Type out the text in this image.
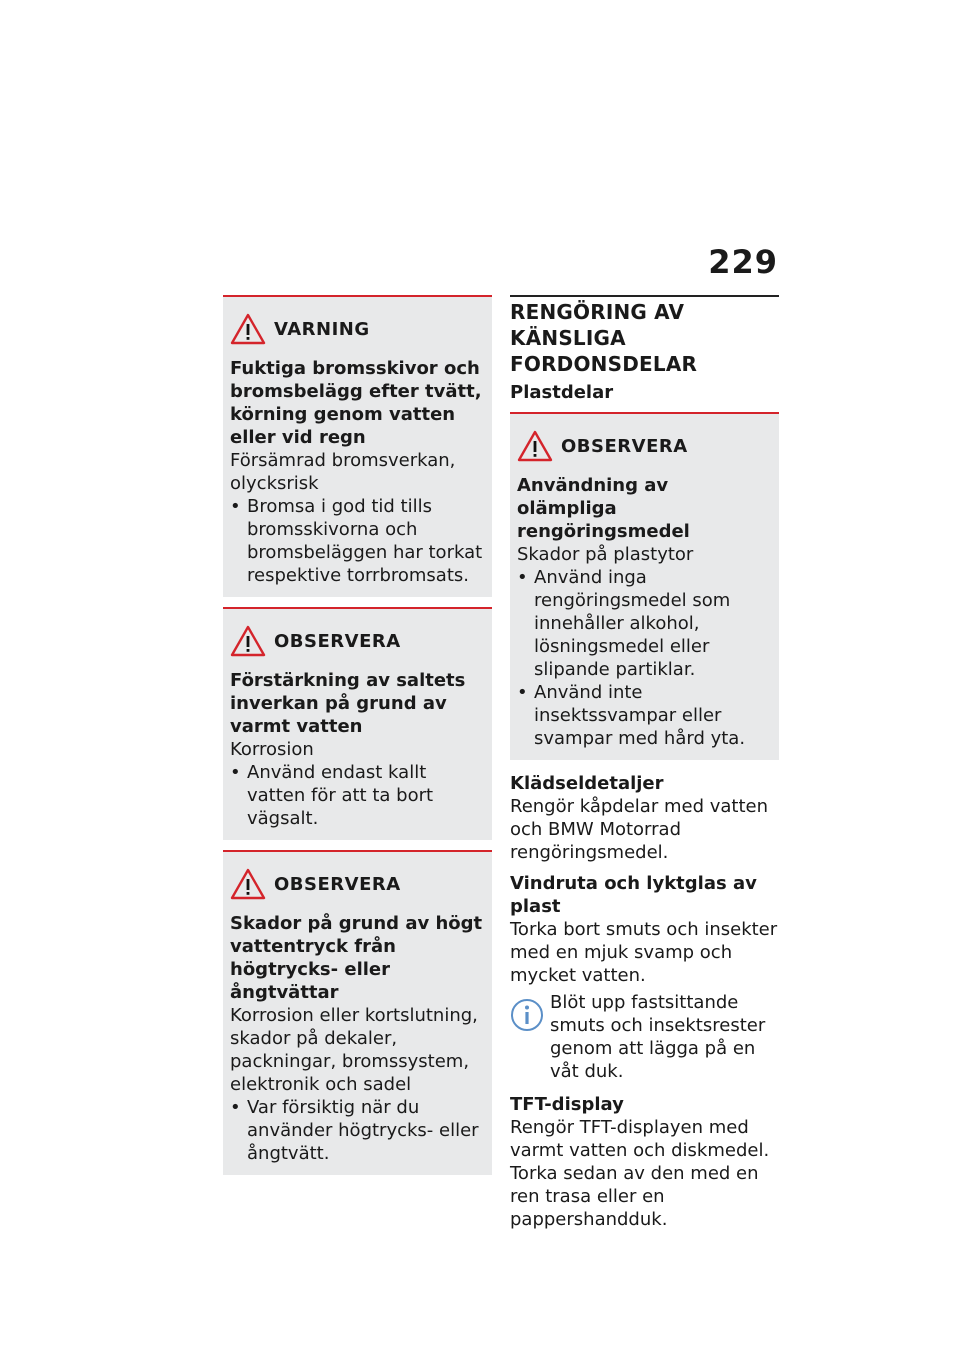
229
VARNING
Fuktiga bromsskivor och bromsbelägg efter tvätt, körning genom vatten eller vid regn
Försämrad bromsverkan, olycksrisk
• Bromsa i god tid tills bromsskivorna och bromsbeläggen har torkat respektive torrbromsats.
OBSERVERA
Förstärkning av saltets inverkan på grund av varmt vatten
Korrosion
• Använd endast kallt vatten för att ta bort vägsalt.
OBSERVERA
Skador på grund av högt vattentryck från högtrycks- eller ångtvättar
Korrosion eller kortslutning, skador på dekaler, packningar, bromssystem, elektronik och sadel
• Var försiktig när du använder högtrycks- eller ångtvätt.
RENGÖRING AV KÄNSLIGA FORDONSDELAR
Plastdelar
OBSERVERA
Användning av olämpliga rengöringsmedel
Skador på plastytor
• Använd inga rengöringsmedel som innehåller alkohol, lösningsmedel eller slipande partiklar.
• Använd inte insektssvampar eller svampar med hård yta.
Klädseldetaljer
Rengör kåpdelar med vatten och BMW Motorrad rengöringsmedel.
Vindruta och lyktglas av plast
Torka bort smuts och insekter med en mjuk svamp och mycket vatten.
Blöt upp fastsittande smuts och insektsrester genom att lägga på en våt duk.
TFT-display
Rengör TFT-displayen med varmt vatten och diskmedel. Torka sedan av den med en ren trasa eller en pappershandduk.
